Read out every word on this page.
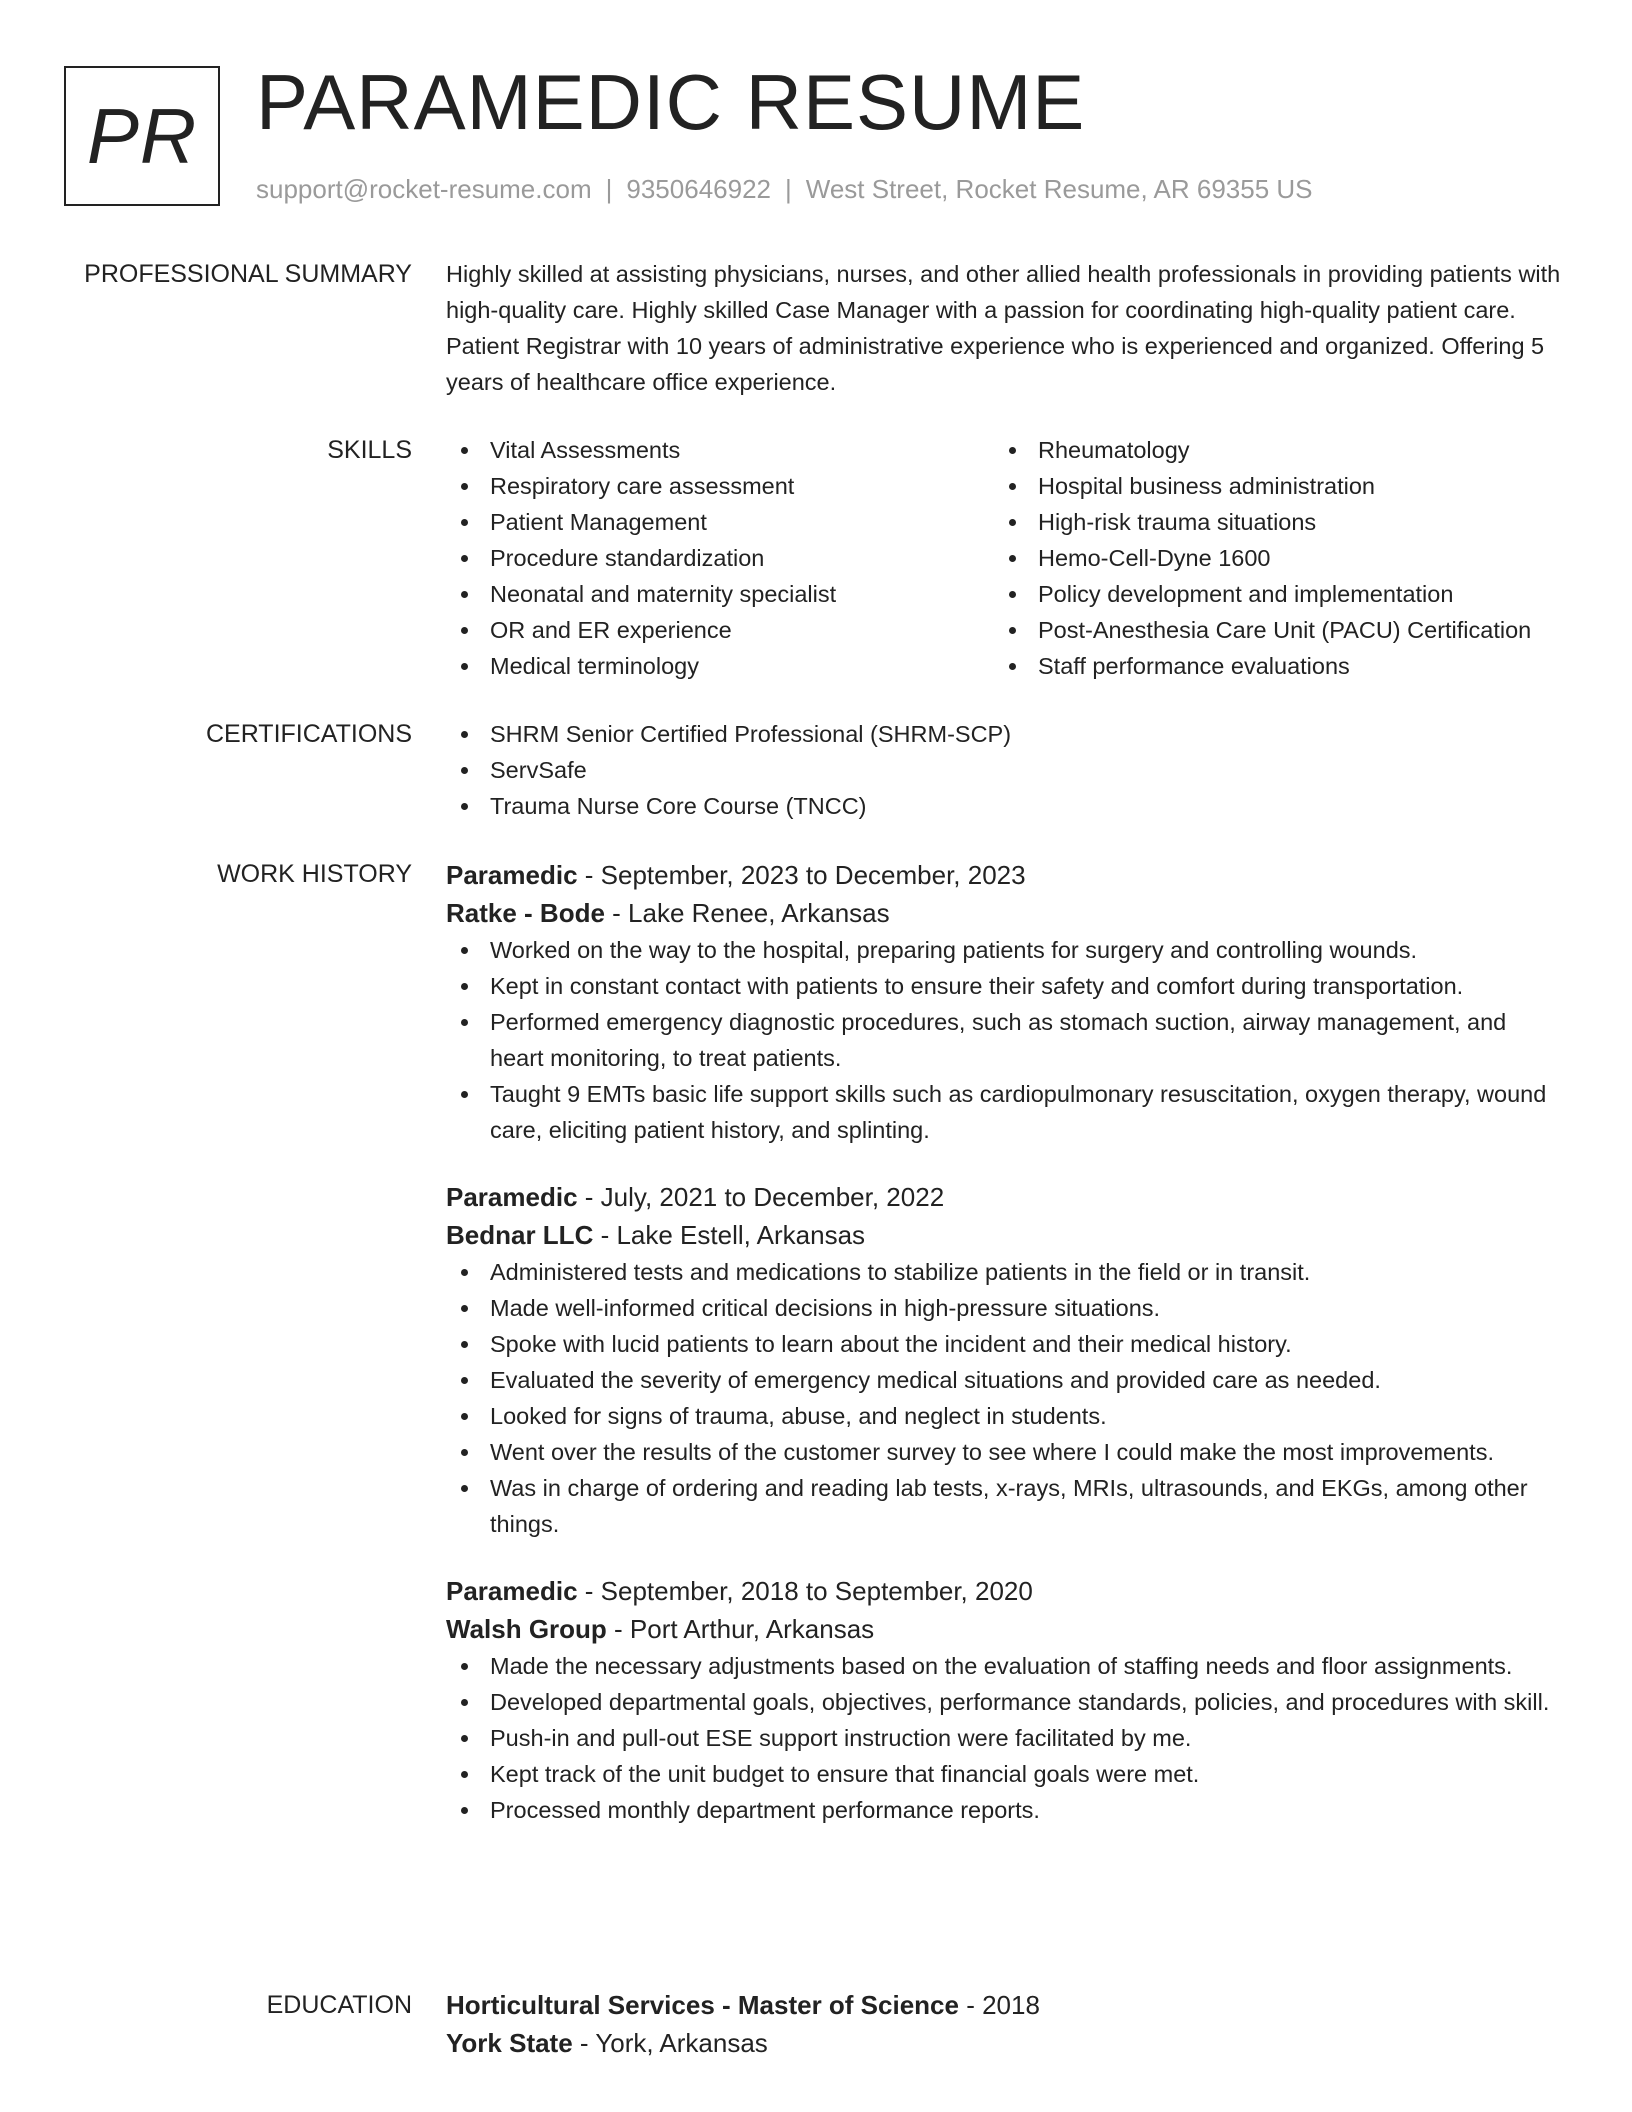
PR PARAMEDIC RESUME
support@rocket-resume.com | 9350646922 | West Street, Rocket Resume, AR 69355 US
PROFESSIONAL SUMMARY Highly skilled at assisting physicians, nurses, and other allied health professionals in providing patients with high-quality care. Highly skilled Case Manager with a passion for coordinating high-quality patient care. Patient Registrar with 10 years of administrative experience who is experienced and organized. Offering 5 years of healthcare office experience.

SKILLS	Vital Assessments
Respiratory care assessment
Patient Management
Procedure standardization
Neonatal and maternity specialist
OR and ER experience
Medical terminology
Rheumatology
Hospital business administration
High-risk trauma situations
Hemo-Cell-Dyne 1600
Policy development and implementation
Post-Anesthesia Care Unit (PACU) Certification
Staff performance evaluations
CERTIFICATIONS	SHRM Senior Certified Professional (SHRM-SCP)
ServSafe
Trauma Nurse Core Course (TNCC)
WORK HISTORY Paramedic - September, 2023 to December, 2023
Ratke - Bode - Lake Renee, Arkansas
Worked on the way to the hospital, preparing patients for surgery and controlling wounds.
Kept in constant contact with patients to ensure their safety and comfort during transportation.
Performed emergency diagnostic procedures, such as stomach suction, airway management, and heart monitoring, to treat patients.
Taught 9 EMTs basic life support skills such as cardiopulmonary resuscitation, oxygen therapy, wound care, eliciting patient history, and splinting.
Paramedic - July, 2021 to December, 2022
Bednar LLC - Lake Estell, Arkansas
Administered tests and medications to stabilize patients in the field or in transit.
Made well-informed critical decisions in high-pressure situations.
Spoke with lucid patients to learn about the incident and their medical history.
Evaluated the severity of emergency medical situations and provided care as needed.
Looked for signs of trauma, abuse, and neglect in students.
Went over the results of the customer survey to see where I could make the most improvements.
Was in charge of ordering and reading lab tests, x-rays, MRIs, ultrasounds, and EKGs, among other things.
Paramedic - September, 2018 to September, 2020
Walsh Group - Port Arthur, Arkansas
Made the necessary adjustments based on the evaluation of staffing needs and floor assignments.
Developed departmental goals, objectives, performance standards, policies, and procedures with skill.
Push-in and pull-out ESE support instruction were facilitated by me.
Kept track of the unit budget to ensure that financial goals were met.
Processed monthly department performance reports.
EDUCATION Horticultural Services - Master of Science - 2018
York State - York, Arkansas
